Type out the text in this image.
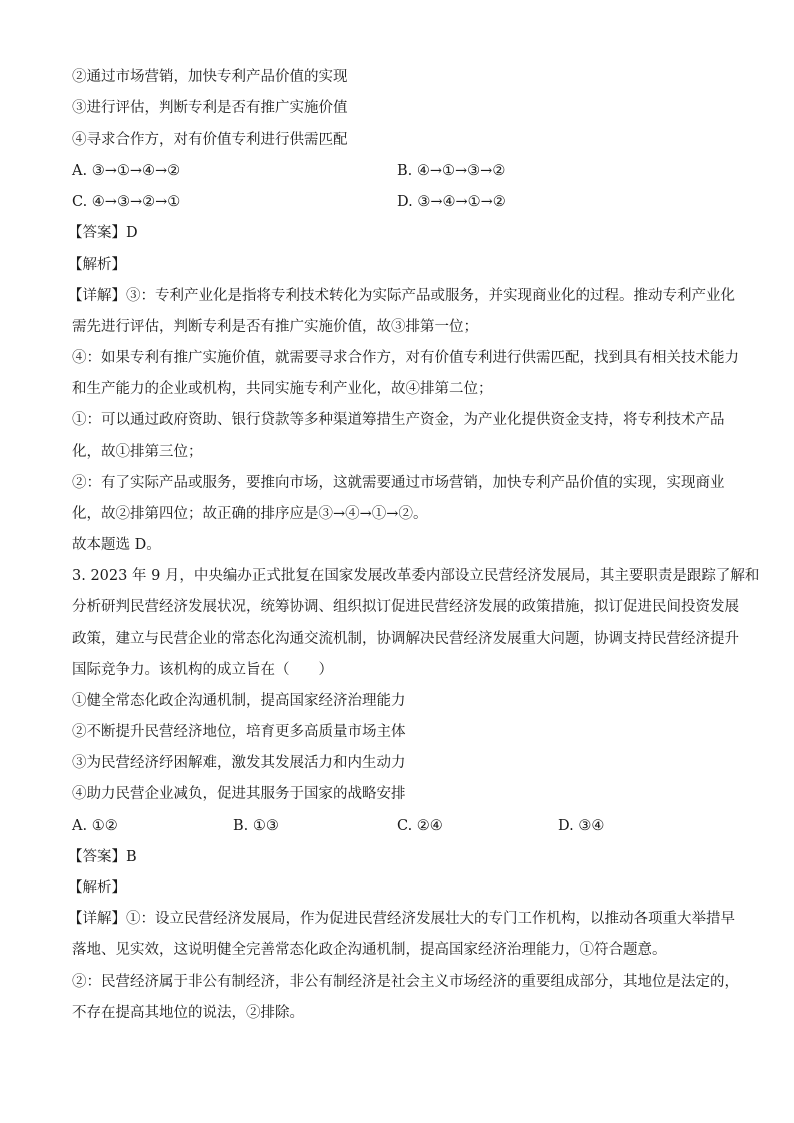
②通过市场营销，加快专利产品价值的实现
③进行评估，判断专利是否有推广实施价值
④寻求合作方，对有价值专利进行供需匹配
A. ③→①→④→②	B. ④→①→③→②
C. ④→③→②→①	D. ③→④→①→②
【答案】D
【解析】
【详解】③：专利产业化是指将专利技术转化为实际产品或服务，并实现商业化的过程。推动专利产业化
需先进行评估，判断专利是否有推广实施价值，故③排第一位；
④：如果专利有推广实施价值，就需要寻求合作方，对有价值专利进行供需匹配，找到具有相关技术能力
和生产能力的企业或机构，共同实施专利产业化，故④排第二位；
①：可以通过政府资助、银行贷款等多种渠道筹措生产资金，为产业化提供资金支持，将专利技术产品
化，故①排第三位；
②：有了实际产品或服务，要推向市场，这就需要通过市场营销，加快专利产品价值的实现，实现商业
化，故②排第四位；故正确的排序应是③→④→①→②。
故本题选 D。
3. 2023 年 9 月，中央编办正式批复在国家发展改革委内部设立民营经济发展局，其主要职责是跟踪了解和
分析研判民营经济发展状况，统筹协调、组织拟订促进民营经济发展的政策措施，拟订促进民间投资发展
政策，建立与民营企业的常态化沟通交流机制，协调解决民营经济发展重大问题，协调支持民营经济提升
国际竞争力。该机构的成立旨在（　　）
①健全常态化政企沟通机制，提高国家经济治理能力
②不断提升民营经济地位，培育更多高质量市场主体
③为民营经济纾困解难，激发其发展活力和内生动力
④助力民营企业减负，促进其服务于国家的战略安排
A. ①②	B. ①③	C. ②④	D. ③④
【答案】B
【解析】
【详解】①：设立民营经济发展局，作为促进民营经济发展壮大的专门工作机构，以推动各项重大举措早
落地、见实效，这说明健全完善常态化政企沟通机制，提高国家经济治理能力，①符合题意。
②：民营经济属于非公有制经济，非公有制经济是社会主义市场经济的重要组成部分，其地位是法定的，
不存在提高其地位的说法，②排除。
